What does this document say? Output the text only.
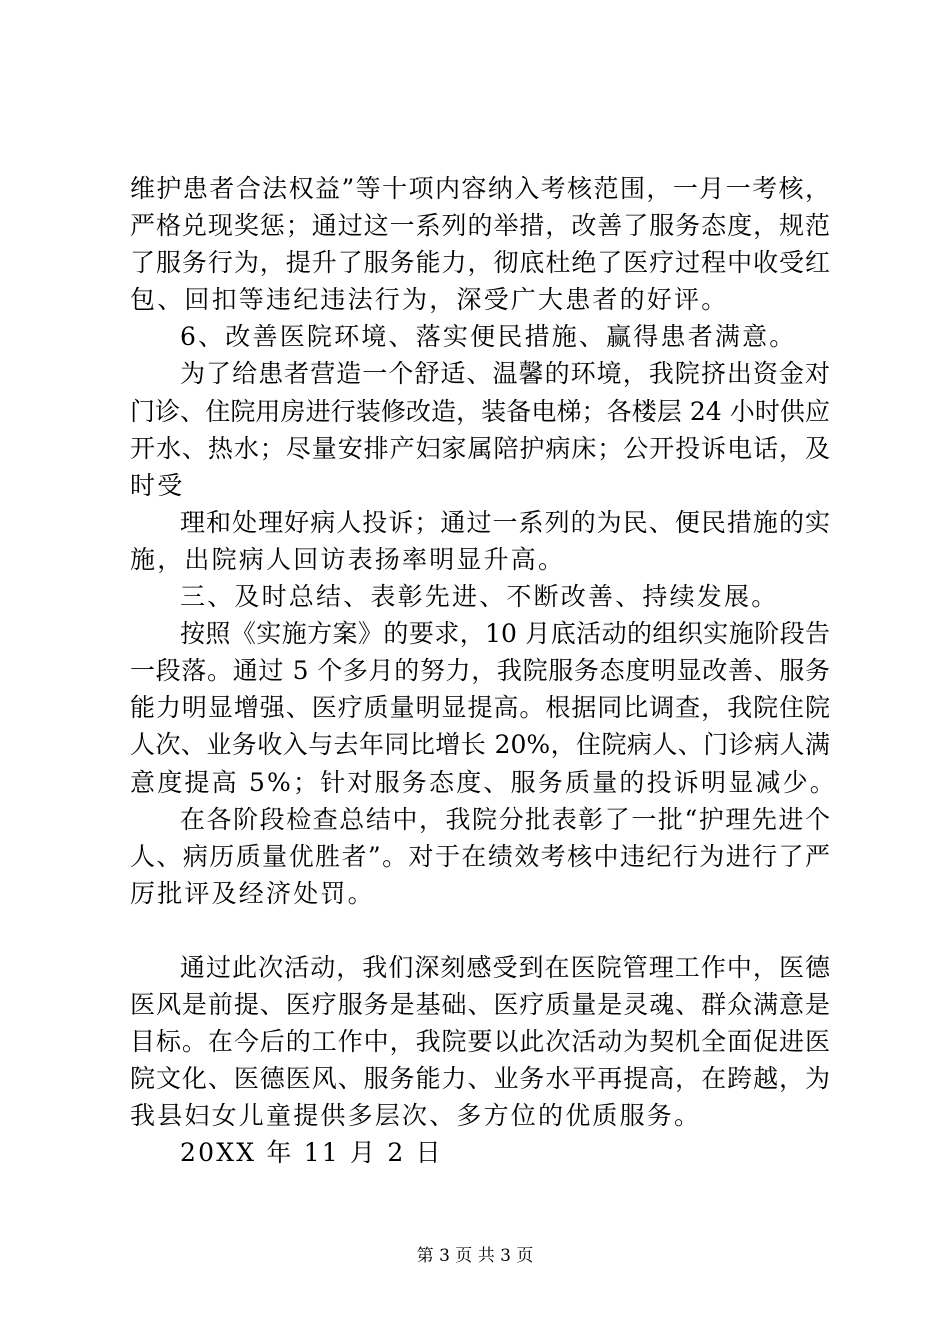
维护患者合法权益”等十项内容纳入考核范围，一月一考核，
严格兑现奖惩；通过这一系列的举措，改善了服务态度，规范
了服务行为，提升了服务能力，彻底杜绝了医疗过程中收受红
包、回扣等违纪违法行为，深受广大患者的好评。
6、改善医院环境、落实便民措施、赢得患者满意。
为了给患者营造一个舒适、温馨的环境，我院挤出资金对
门诊、住院用房进行装修改造，装备电梯；各楼层 24 小时供应
开水、热水；尽量安排产妇家属陪护病床；公开投诉电话，及
时受
理和处理好病人投诉；通过一系列的为民、便民措施的实
施，出院病人回访表扬率明显升高。
三、及时总结、表彰先进、不断改善、持续发展。
按照《实施方案》的要求，10 月底活动的组织实施阶段告
一段落。通过 5 个多月的努力，我院服务态度明显改善、服务
能力明显增强、医疗质量明显提高。根据同比调查，我院住院
人次、业务收入与去年同比增长 20%，住院病人、门诊病人满
意度提高 5%；针对服务态度、服务质量的投诉明显减少。
在各阶段检查总结中，我院分批表彰了一批“护理先进个
人、病历质量优胜者”。对于在绩效考核中违纪行为进行了严
厉批评及经济处罚。
通过此次活动，我们深刻感受到在医院管理工作中，医德
医风是前提、医疗服务是基础、医疗质量是灵魂、群众满意是
目标。在今后的工作中，我院要以此次活动为契机全面促进医
院文化、医德医风、服务能力、业务水平再提高，在跨越，为
我县妇女儿童提供多层次、多方位的优质服务。
20XX 年 11 月 2 日
第 3 页 共 3 页
